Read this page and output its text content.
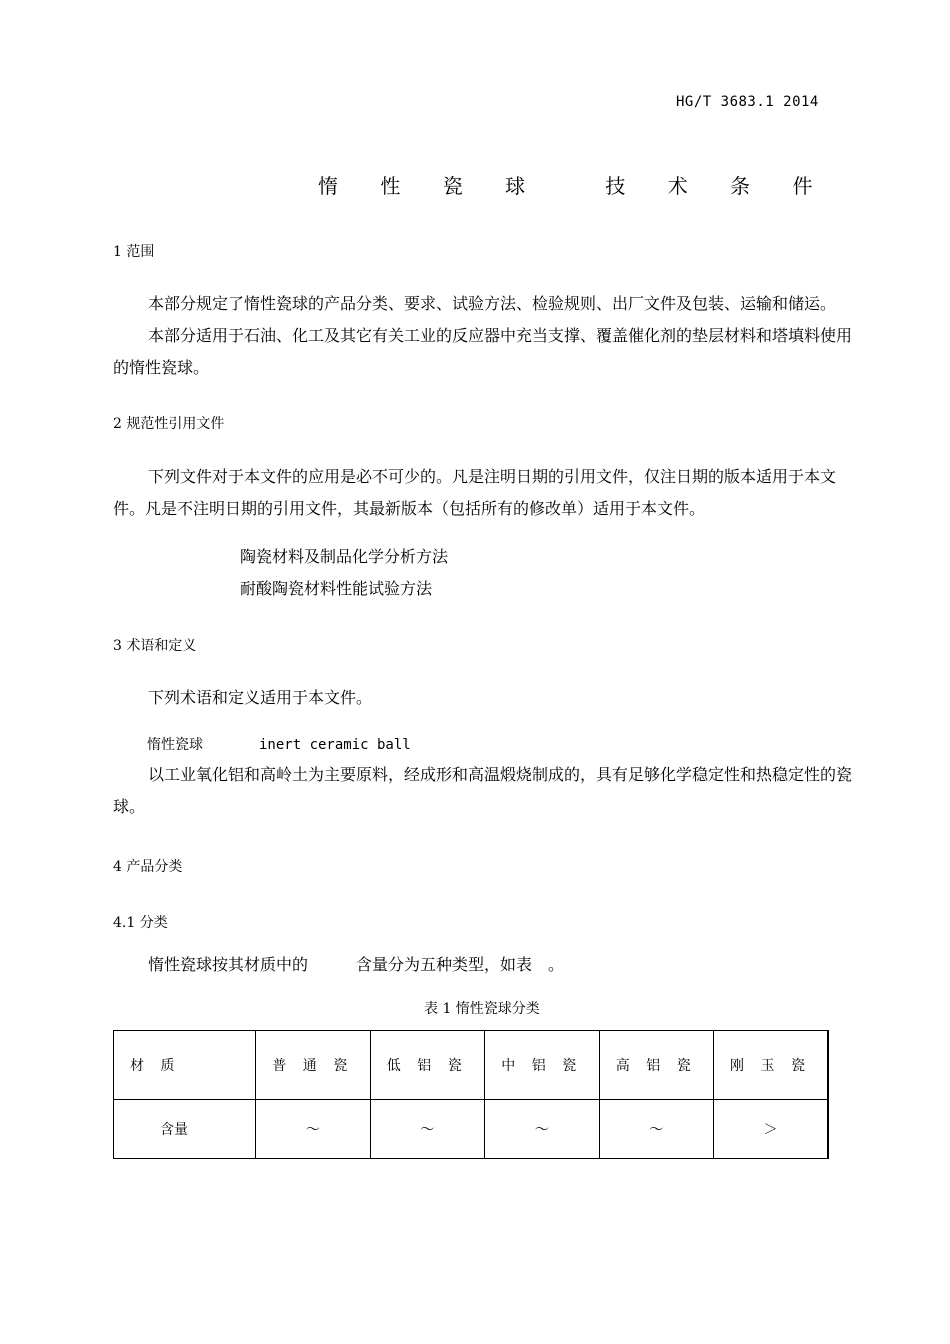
HG/T 3683.1 2014
惰 性 瓷 球　 技 术 条 件
1 范围
本部分规定了惰性瓷球的产品分类、要求、试验方法、检验规则、出厂文件及包装、运输和储运。
本部分适用于石油、化工及其它有关工业的反应器中充当支撑、覆盖催化剂的垫层材料和塔填料使用的惰性瓷球。
2 规范性引用文件
下列文件对于本文件的应用是必不可少的。凡是注明日期的引用文件，仅注日期的版本适用于本文件。凡是不注明日期的引用文件，其最新版本（包括所有的修改单）适用于本文件。
陶瓷材料及制品化学分析方法
耐酸陶瓷材料性能试验方法
3 术语和定义
下列术语和定义适用于本文件。
惰性瓷球	inert ceramic ball
以工业氧化铝和高岭土为主要原料，经成形和高温煅烧制成的，具有足够化学稳定性和热稳定性的瓷球。
4 产品分类
4.1 分类
惰性瓷球按其材质中的　　　含量分为五种类型，如表　。
表 1 惰性瓷球分类
材 质	普 通 瓷	低 铝 瓷	中 铝 瓷	高 铝 瓷	刚 玉 瓷
含量	～	～	～	～	＞
